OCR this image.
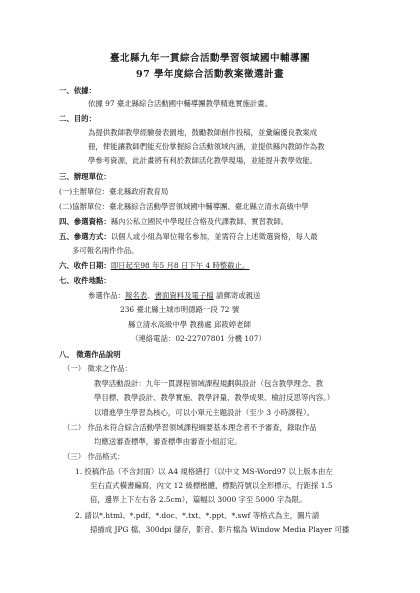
臺北縣九年一貫綜合活動學習領域國中輔導團
97 學年度綜合活動教案徵選計畫
一、依據：
依據 97 臺北縣綜合活動國中輔導團教學精進實施計畫。
二、目的：
為提供教師教學經驗發表園地，鼓勵教師創作投稿，並彙編優良教案成
冊，俾能讓教師們能充份掌握綜合活動領域內涵，並提供縣內教師作為教
學參考資源，此計畫將有利於教師活化教學現場，並能提升教學效能。
三、辦理單位：
(一)主辦單位：臺北縣政府教育局
(二)協辦單位：臺北縣綜合活動學習領域國中輔導團、臺北縣立清水高級中學
四、參選資格：縣內公私立國民中學現任合格及代課教師、實習教師。
五、參選方式：以個人或小組為單位報名參加，並需符合上述徵選資格，每人最
多可報名兩件作品。
六、收件日期：即日起至98 年5 月8 日下午 4 時整截止。
七、收件地點：
參選作品：報名表、書面資料及電子檔 請郵寄或親送
236 臺北縣土城市明德路一段 72 號
縣立清水高級中學 教務處 邱筱婷老師
（連絡電話：02-22707801 分機 107）
八、 徵選作品說明
（一） 徵求之作品：
教學活動設計：九年一貫課程領域課程規劃與設計（包含教學理念、教
學目標、教學設計、教學實施、教學評量、教學成果、檢討反思等內容。）
以增進學生學習為核心，可以小單元主題設計（至少 3 小時課程）。
（二） 作品未符合綜合活動學習領域課程綱要基本理念者不予審查，錄取作品
均應送審查標準，審查標準由審查小組訂定。
（三） 作品格式：
1. 投稿作品（不含封面）以 A4 規格繕打（以中文 MS-Word97 以上版本由左
至右直式橫書編寫，內文 12 級標楷體，標點符號以全形標示，行距採 1.5
倍，邊界上下左右各 2.5cm），篇幅以 3000 字至 5000 字為限。
2. 請以*.html、*.pdf、*.doc、*.txt、*.ppt、*.swf 等格式為主，圖片請
掃描成 JPG 檔、300dpi 儲存，影音、影片檔為 Window Media Player 可播
